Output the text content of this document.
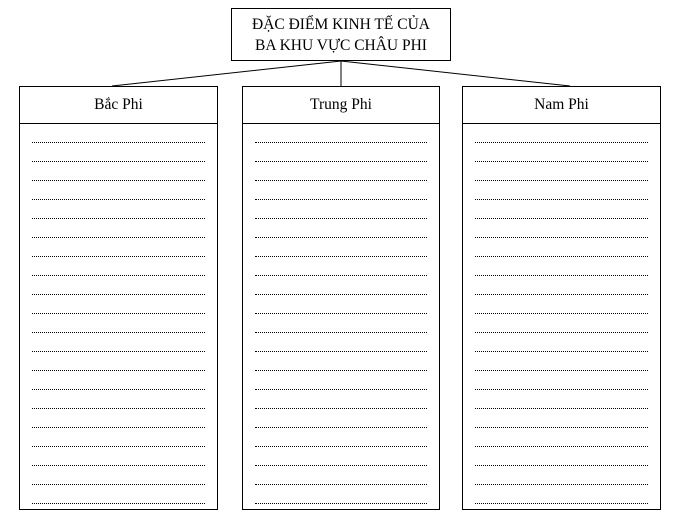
ĐẶC ĐIỂM KINH TẾ CỦA
BA KHU VỰC CHÂU PHI
Bắc Phi	Trung Phi	Nam Phi
